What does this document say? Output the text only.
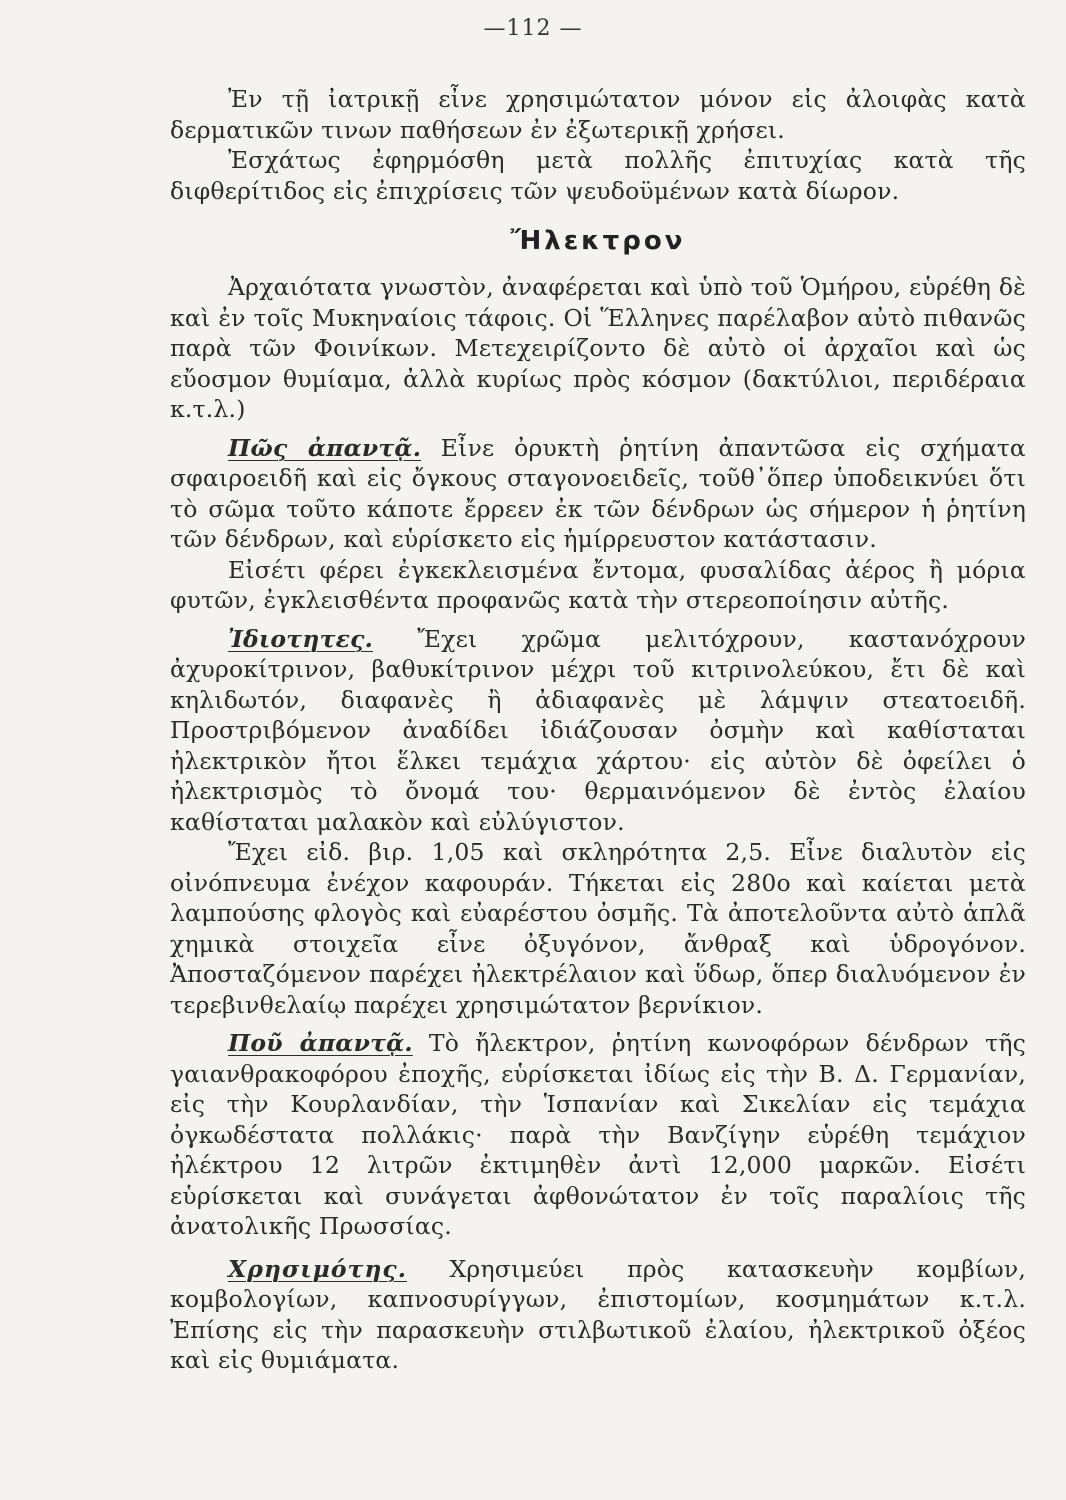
—112 —

Ἐν τῇ ἰατρικῇ εἶνε χρησιμώτατον μόνον εἰς ἀλοιφὰς κατὰ δερματικῶν τινων παθήσεων ἐν ἐξωτερικῇ χρήσει.

Ἐσχάτως ἐφηρμόσθη μετὰ πολλῆς ἐπιτυχίας κατὰ τῆς διφθερίτιδος εἰς ἐπιχρίσεις τῶν ψευδοϋμένων κατὰ δίωρον.

Ἤλεκτρον

Ἀρχαιότατα γνωστὸν, ἀναφέρεται καὶ ὑπὸ τοῦ Ὁμήρου, εὑρέθη δὲ καὶ ἐν τοῖς Μυκηναίοις τάφοις. Οἱ Ἕλληνες παρέλαβον αὐτὸ πιθανῶς παρὰ τῶν Φοινίκων. Μετεχειρίζοντο δὲ αὐτὸ οἱ ἀρχαῖοι καὶ ὡς εὔοσμον θυμίαμα, ἀλλὰ κυρίως πρὸς κόσμον (δακτύλιοι, περιδέραια κ.τ.λ.)

Πῶς ἀπαντᾷ. Εἶνε ὀρυκτὴ ῥητίνη ἀπαντῶσα εἰς σχήματα σφαιροειδῆ καὶ εἰς ὄγκους σταγονοειδεῖς, τοῦθ᾽ὅπερ ὑποδεικνύει ὅτι τὸ σῶμα τοῦτο κάποτε ἔρρεεν ἐκ τῶν δένδρων ὡς σήμερον ἡ ῥητίνη τῶν δένδρων, καὶ εὑρίσκετο εἰς ἡμίρρευστον κατάστασιν.

Εἰσέτι φέρει ἐγκεκλεισμένα ἔντομα, φυσαλίδας ἀέρος ἢ μόρια φυτῶν, ἐγκλεισθέντα προφανῶς κατὰ τὴν στερεοποίησιν αὐτῆς.

Ἰδιοτητες. Ἔχει χρῶμα μελιτόχρουν, καστανόχρουν ἀχυροκίτρινον, βαθυκίτρινον μέχρι τοῦ κιτρινολεύκου, ἔτι δὲ καὶ κηλιδωτόν, διαφανὲς ἢ ἀδιαφανὲς μὲ λάμψιν στεατοειδῆ. Προστριβόμενον ἀναδίδει ἰδιάζουσαν ὀσμὴν καὶ καθίσταται ἠλεκτρικὸν ἤτοι ἕλκει τεμάχια χάρτου· εἰς αὐτὸν δὲ ὀφείλει ὁ ἠλεκτρισμὸς τὸ ὄνομά του· θερμαινόμενον δὲ ἐντὸς ἐλαίου καθίσταται μαλακὸν καὶ εὐλύγιστον.

Ἔχει εἰδ. βιρ. 1,05 καὶ σκληρότητα 2,5. Εἶνε διαλυτὸν εἰς οἰνόπνευμα ἐνέχον καφουράν. Τήκεται εἰς 280ο καὶ καίεται μετὰ λαμπούσης φλογὸς καὶ εὐαρέστου ὀσμῆς. Τὰ ἀποτελοῦντα αὐτὸ ἁπλᾶ χημικὰ στοιχεῖα εἶνε ὀξυγόνον, ἄνθραξ καὶ ὑδρογόνον. Ἀποσταζόμενον παρέχει ἠλεκτρέλαιον καὶ ὕδωρ, ὅπερ διαλυόμενον ἐν τερεβινθελαίῳ παρέχει χρησιμώτατον βερνίκιον.

Ποῦ ἀπαντᾷ. Τὸ ἤλεκτρον, ῥητίνη κωνοφόρων δένδρων τῆς γαιανθρακοφόρου ἐποχῆς, εὑρίσκεται ἰδίως εἰς τὴν Β. Δ. Γερμανίαν, εἰς τὴν Κουρλανδίαν, τὴν Ἱσπανίαν καὶ Σικελίαν εἰς τεμάχια ὀγκωδέστατα πολλάκις· παρὰ τὴν Βανζίγην εὑρέθη τεμάχιον ἠλέκτρου 12 λιτρῶν ἐκτιμηθὲν ἀντὶ 12,000 μαρκῶν. Εἰσέτι εὑρίσκεται καὶ συνάγεται ἀφθονώτατον ἐν τοῖς παραλίοις τῆς ἀνατολικῆς Πρωσσίας.

Χρησιμότης. Χρησιμεύει πρὸς κατασκευὴν κομβίων, κομβολογίων, καπνοσυρίγγων, ἐπιστομίων, κοσμημάτων κ.τ.λ. Ἐπίσης εἰς τὴν παρασκευὴν στιλβωτικοῦ ἐλαίου, ἠλεκτρικοῦ ὀξέος καὶ εἰς θυμιάματα.
